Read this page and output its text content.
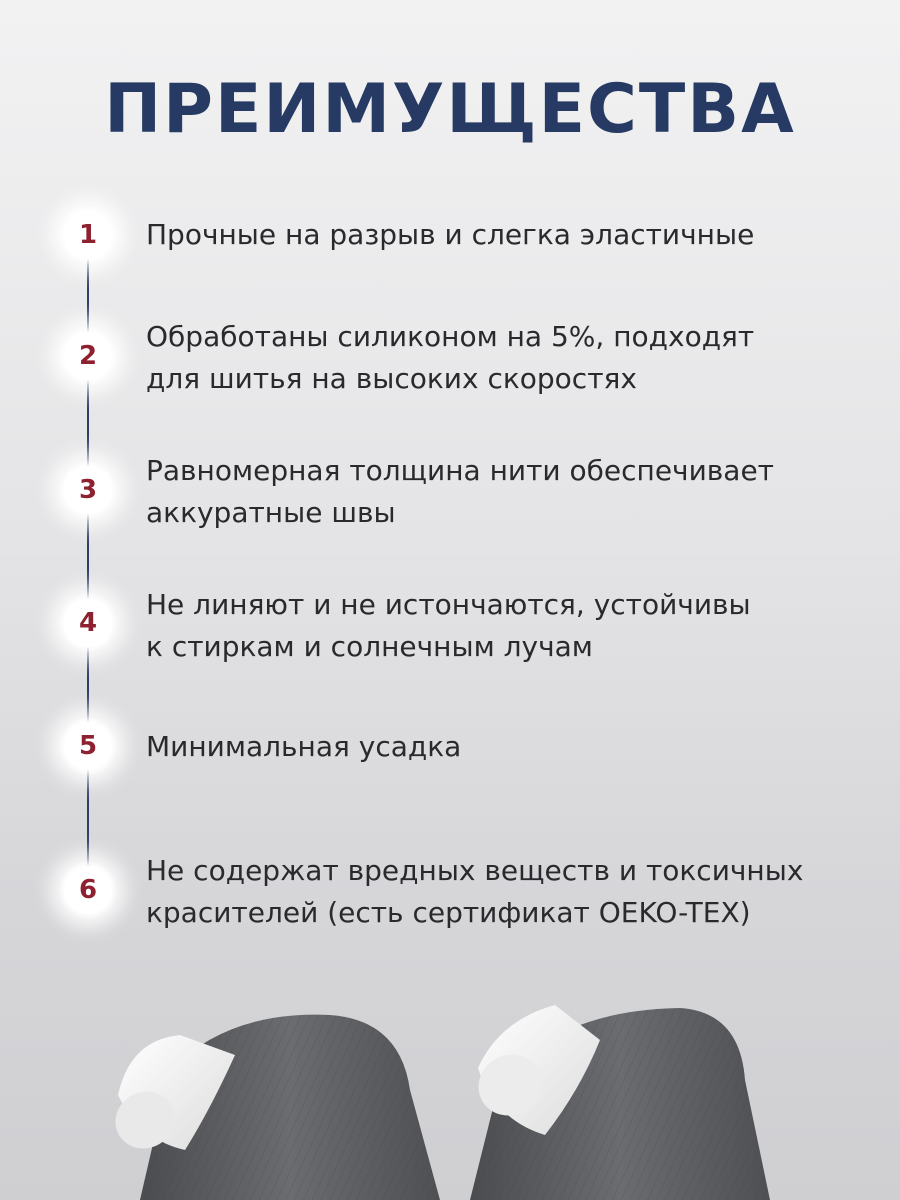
ПРЕИМУЩЕСТВА
1 Прочные на разрыв и слегка эластичные

2

Обработаны силиконом на 5%, подходят
для шитья на высоких скоростях

3

Равномерная толщина нити обеспечивает
аккуратные швы

4

Не линяют и не истончаются, устойчивы
к стиркам и солнечным лучам

5 Минимальная усадка

6

Не содержат вредных веществ и токсичных
красителей (есть сертификат OEKO-TEX)
